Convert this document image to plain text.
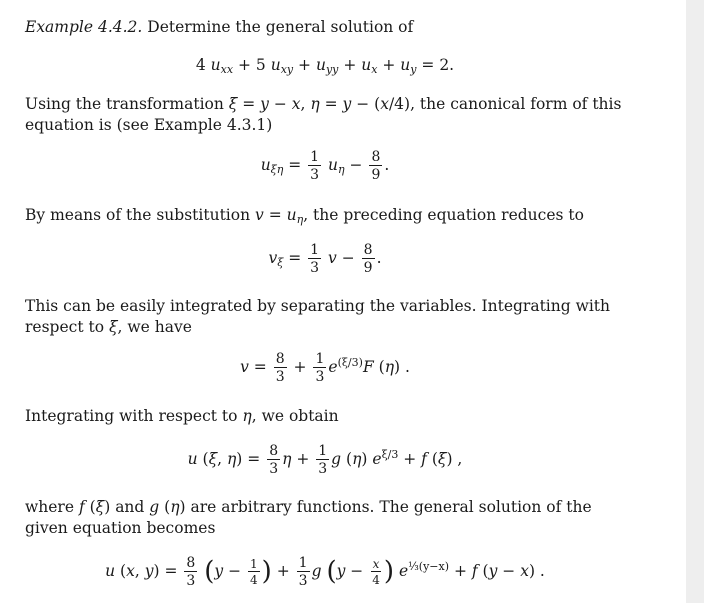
Example 4.4.2. Determine the general solution of
4 $u_{xx} + 5$ $u_{xy} + u_{yy} + u_x + u_y = 2$.
Using the transformation ξ = y − x, η = y − (x/4), the canonical form of this equation is (see Example 4.3.1)
$u_{\xi\eta} = \frac{1}{3} u_\eta - \frac{8}{9}$ .
By means of the substitution $v = u_\eta$, the preceding equation reduces to
$v_\xi = \frac{1}{3}$ $v - \frac{8}{9}$ .
This can be easily integrated by separating the variables. Integrating with respect to ξ, we have
$v = \frac{8}{3} + \frac{1}{3} e^{(\xi/3)}F$ (η) .
Integrating with respect to η, we obtain
u (ξ, $\eta) = \frac{8}{3}$ $\eta + \frac{1}{3}$ g (η) $e^{\xi/3} + f$ (ξ) ,
where f (ξ) and g (η) are arbitrary functions. The general solution of the given equation becomes
u (x, $y) = \frac{8}{3} (y - \frac{1}{4}$ ) + $\frac{1}{3}$ g ($y - \frac{x}{4}$ ) $e^{\frac{1}{3}(y-x)} + f$ (y − x) .
